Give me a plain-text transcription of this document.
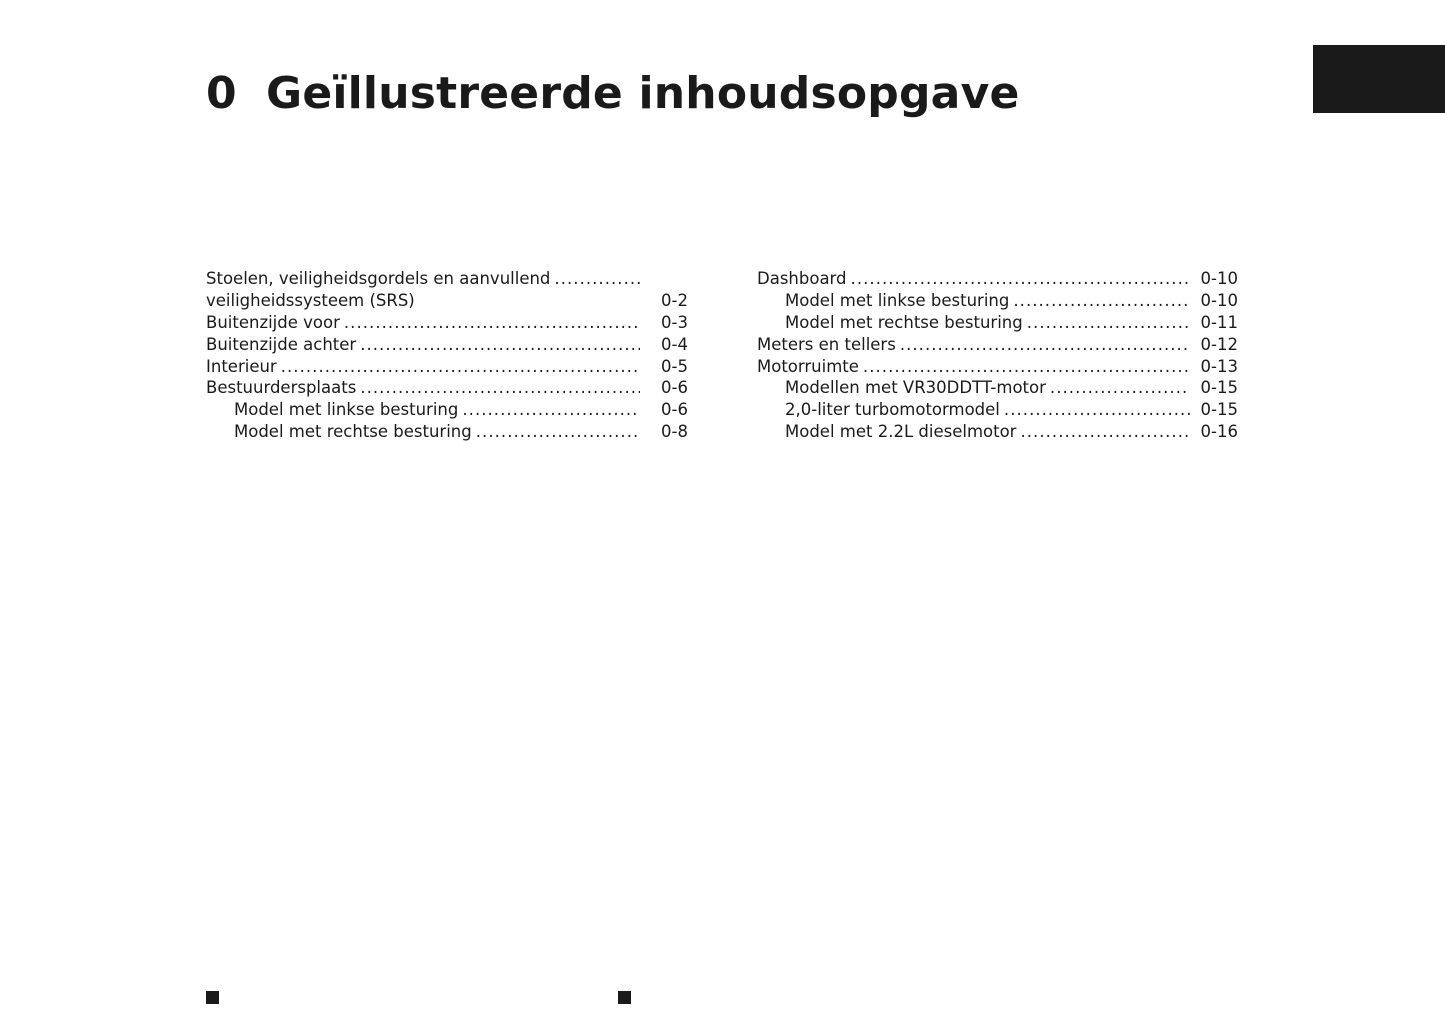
0 Geïllustreerde inhoudsopgave
Stoelen, veiligheidsgordels en aanvullend
veiligheidssysteem (SRS)
. . .	0-2
Buitenzijde voor . . .	0-3
Buitenzijde achter . . .	0-4
Interieur . . .	0-5
Bestuurdersplaats . . .	0-6
Model met linkse besturing . . .	0-6
Model met rechtse besturing . . .	0-8
Dashboard . . .	0-10
Model met linkse besturing . . .	0-10
Model met rechtse besturing . . .	0-11
Meters en tellers . . .	0-12
Motorruimte . . .	0-13
Modellen met VR30DDTT-motor . . .	0-15
2,0-liter turbomotormodel . . .	0-15
Model met 2.2L dieselmotor . . .	0-16
